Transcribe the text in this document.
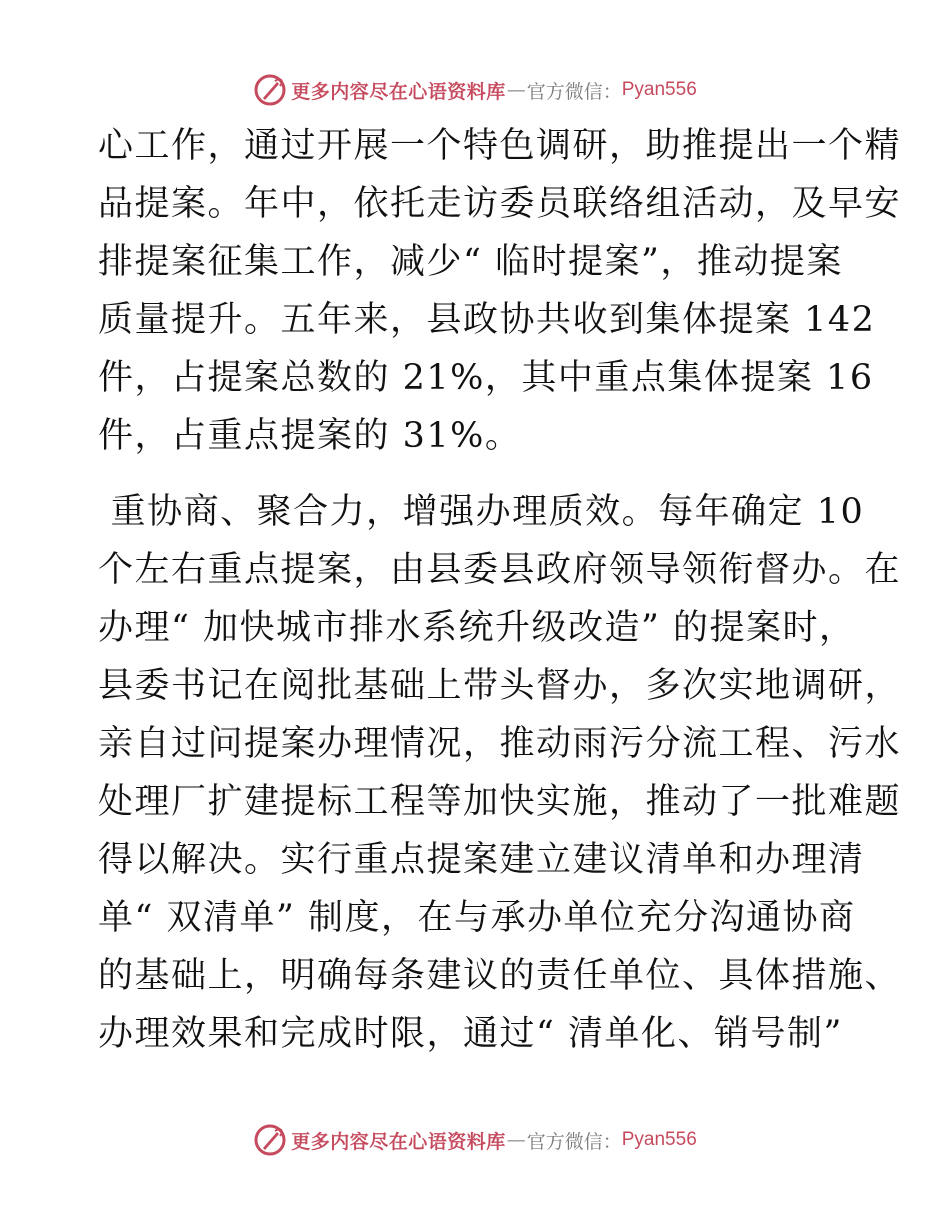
更多内容尽在心语资料库 — 官方微信： Pyan556
心工作，通过开展一个特色调研，助推提出一个精
品提案。年中，依托走访委员联络组活动，及早安
排提案征集工作，减少“ 临时提案”，推动提案
质量提升。五年来，县政协共收到集体提案 142
件，占提案总数的 21%，其中重点集体提案 16
件，占重点提案的 31%。
重协商、聚合力，增强办理质效。每年确定 10
个左右重点提案，由县委县政府领导领衔督办。在
办理“ 加快城市排水系统升级改造” 的提案时，
县委书记在阅批基础上带头督办，多次实地调研，
亲自过问提案办理情况，推动雨污分流工程、污水
处理厂扩建提标工程等加快实施，推动了一批难题
得以解决。实行重点提案建立建议清单和办理清
单“ 双清单” 制度，在与承办单位充分沟通协商
的基础上，明确每条建议的责任单位、具体措施、
办理效果和完成时限，通过“ 清单化、销号制”
更多内容尽在心语资料库 — 官方微信： Pyan556
